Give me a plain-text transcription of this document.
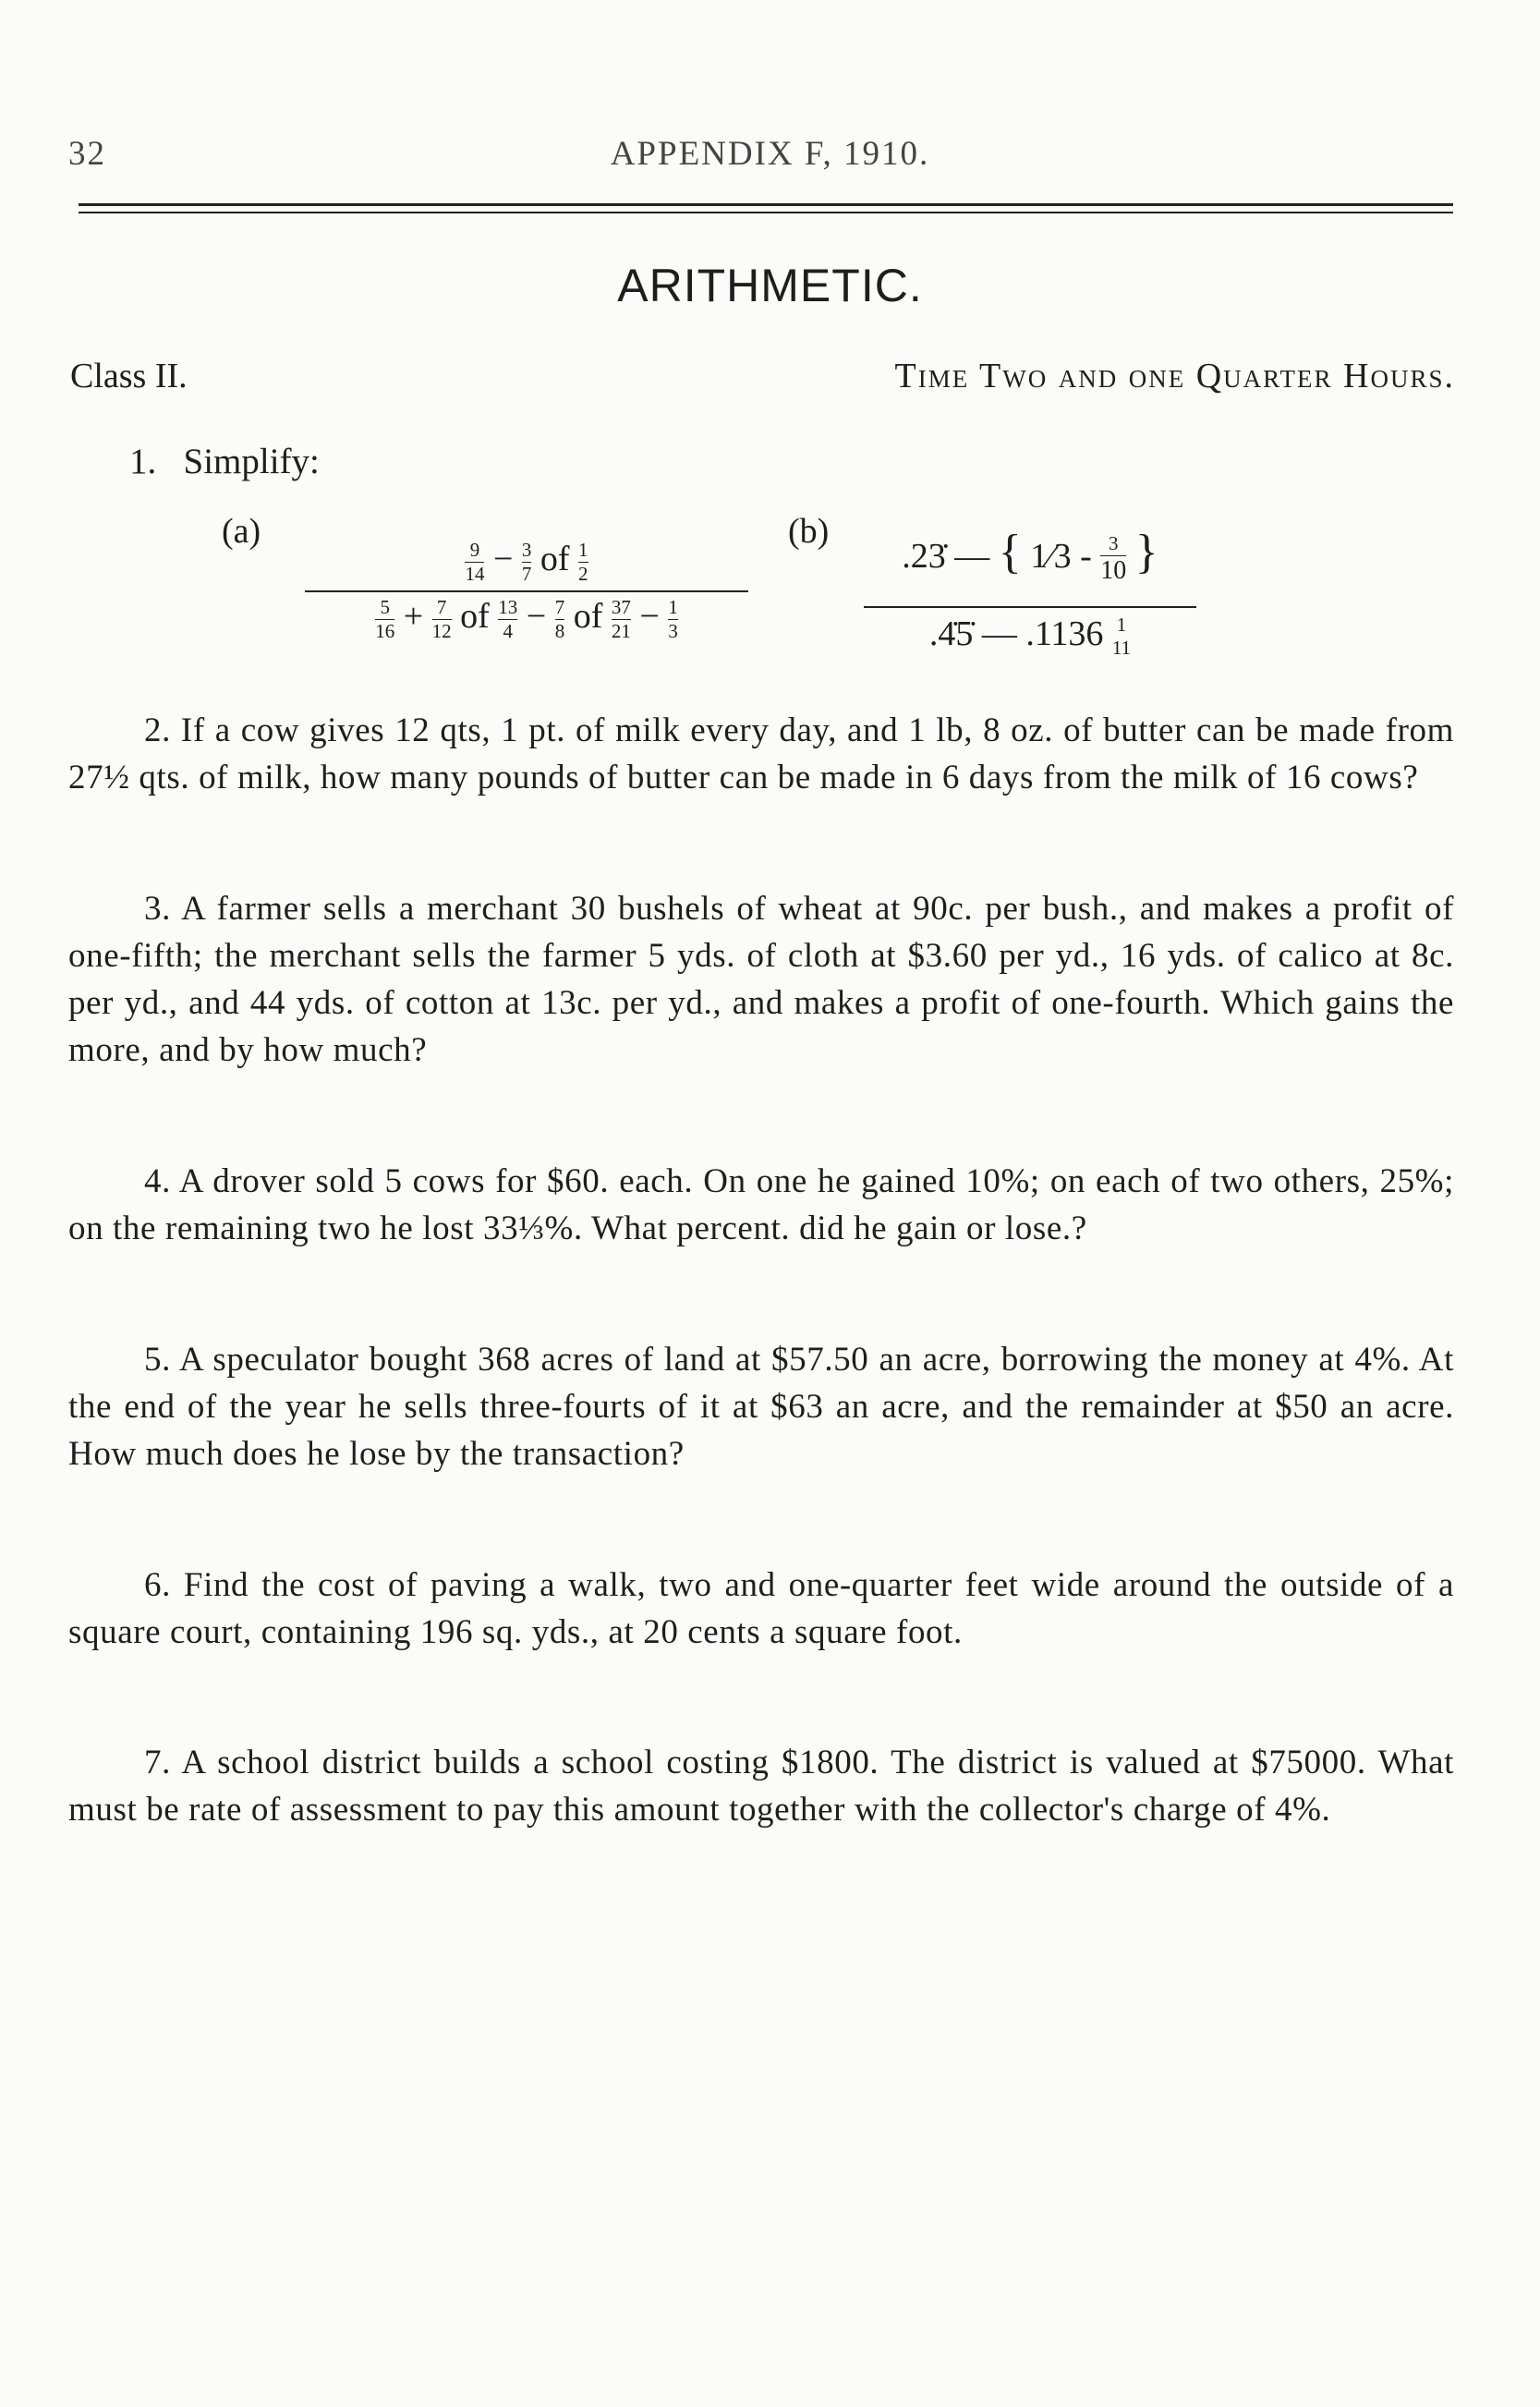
32	APPENDIX F, 1910.
ARITHMETIC.
Class II.	Time Two and one Quarter Hours.
1. Simplify:
(a)
$\frac{9}{14} - \frac{3}{7}$ of $\frac{1}{2}$
$\frac{5}{16} + \frac{7}{12}$ of $\frac{13}{4} - \frac{7}{8}$ of $\frac{37}{21} - \frac{1}{3}$
(b)
.23̇ — { 1⁄3 - 3
10 }
.4̇5̇ — .1136 1
11
2. If a cow gives 12 qts, 1 pt. of milk every day, and 1 lb, 8 oz. of butter can be made from 27½ qts. of milk, how many pounds of butter can be made in 6 days from the milk of 16 cows?
3. A farmer sells a merchant 30 bushels of wheat at 90c. per bush., and makes a profit of one-fifth; the merchant sells the farmer 5 yds. of cloth at $3.60 per yd., 16 yds. of calico at 8c. per yd., and 44 yds. of cotton at 13c. per yd., and makes a profit of one-fourth. Which gains the more, and by how much?
4. A drover sold 5 cows for $60. each. On one he gained 10%; on each of two others, 25%; on the remaining two he lost 33⅓%. What percent. did he gain or lose.?
5. A speculator bought 368 acres of land at $57.50 an acre, borrowing the money at 4%. At the end of the year he sells three-fourts of it at $63 an acre, and the remainder at $50 an acre. How much does he lose by the transaction?
6. Find the cost of paving a walk, two and one-quarter feet wide around the outside of a square court, containing 196 sq. yds., at 20 cents a square foot.
7. A school district builds a school costing $1800. The district is valued at $75000. What must be rate of assessment to pay this amount together with the collector's charge of 4%.
